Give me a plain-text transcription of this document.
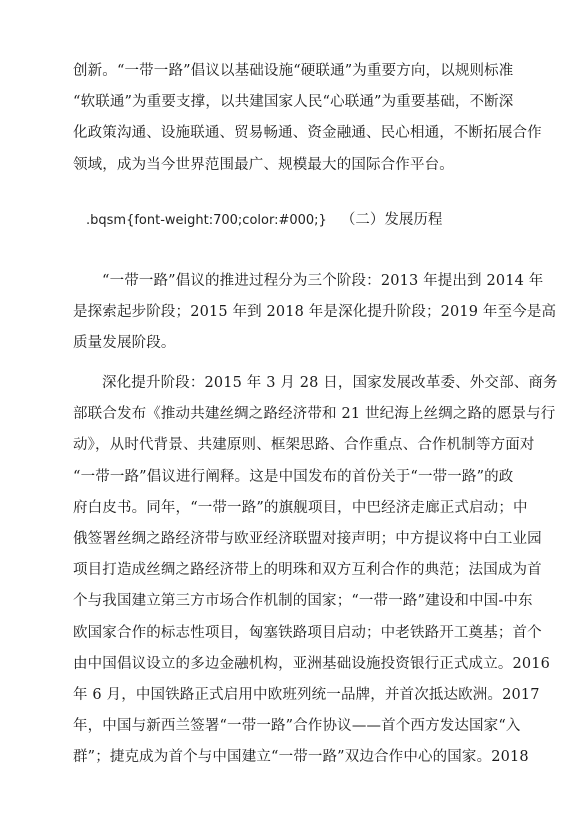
创新。“一带一路”倡议以基础设施“硬联通”为重要方向，以规则标准
“软联通”为重要支撑，以共建国家人民“心联通”为重要基础，不断深
化政策沟通、设施联通、贸易畅通、资金融通、民心相通，不断拓展合作
领域，成为当今世界范围最广、规模最大的国际合作平台。
.bqsm{font-weight:700;color:#000;} （二）发展历程
“一带一路”倡议的推进过程分为三个阶段：2013 年提出到 2014 年
是探索起步阶段；2015 年到 2018 年是深化提升阶段；2019 年至今是高
质量发展阶段。
深化提升阶段：2015 年 3 月 28 日，国家发展改革委、外交部、商务
部联合发布《推动共建丝绸之路经济带和 21 世纪海上丝绸之路的愿景与行
动》，从时代背景、共建原则、框架思路、合作重点、合作机制等方面对
“一带一路”倡议进行阐释。这是中国发布的首份关于“一带一路”的政
府白皮书。同年，“一带一路”的旗舰项目，中巴经济走廊正式启动；中
俄签署丝绸之路经济带与欧亚经济联盟对接声明；中方提议将中白工业园
项目打造成丝绸之路经济带上的明珠和双方互利合作的典范；法国成为首
个与我国建立第三方市场合作机制的国家；“一带一路”建设和中国-中东
欧国家合作的标志性项目，匈塞铁路项目启动；中老铁路开工奠基；首个
由中国倡议设立的多边金融机构，亚洲基础设施投资银行正式成立。2016
年 6 月，中国铁路正式启用中欧班列统一品牌，并首次抵达欧洲。2017
年，中国与新西兰签署“一带一路”合作协议——首个西方发达国家“入
群”；捷克成为首个与中国建立“一带一路”双边合作中心的国家。2018
